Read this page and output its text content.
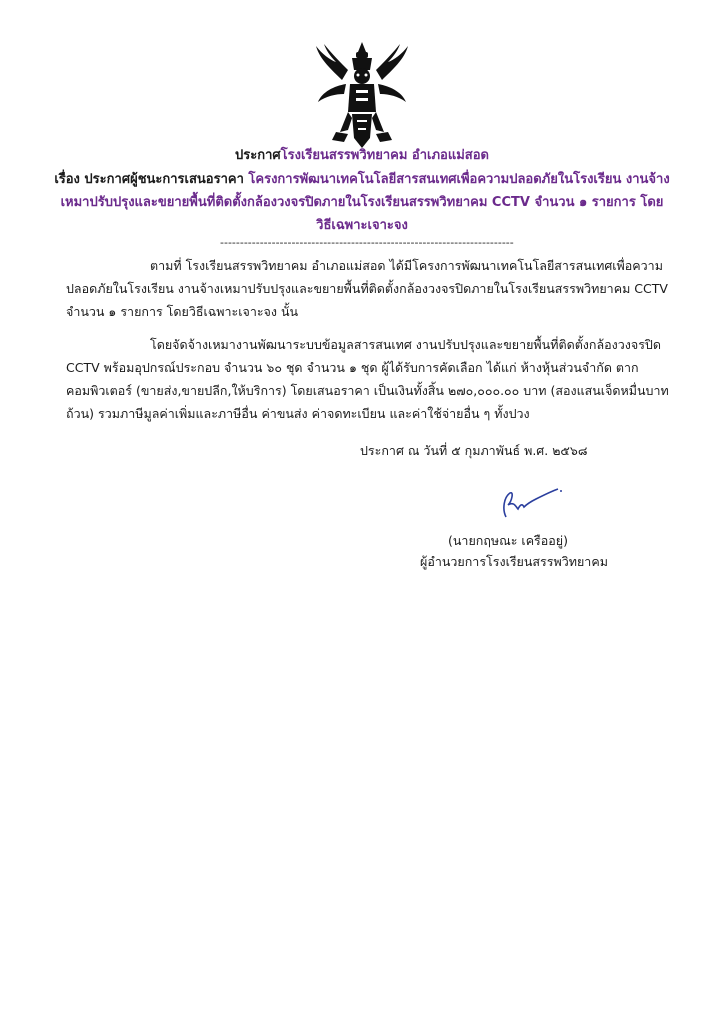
ประกาศโรงเรียนสรรพวิทยาคม อำเภอแม่สอด
เรื่อง ประกาศผู้ชนะการเสนอราคา โครงการพัฒนาเทคโนโลยีสารสนเทศเพื่อความปลอดภัยในโรงเรียน งานจ้าง
เหมาปรับปรุงและขยายพื้นที่ติดตั้งกล้องวงจรปิดภายในโรงเรียนสรรพวิทยาคม CCTV จำนวน ๑ รายการ โดย
วิธีเฉพาะเจาะจง
--------------------------------------------------------------------------
ตามที่ โรงเรียนสรรพวิทยาคม อำเภอแม่สอด ได้มีโครงการพัฒนาเทคโนโลยีสารสนเทศเพื่อความ
ปลอดภัยในโรงเรียน งานจ้างเหมาปรับปรุงและขยายพื้นที่ติดตั้งกล้องวงจรปิดภายในโรงเรียนสรรพวิทยาคม CCTV
จำนวน ๑ รายการ โดยวิธีเฉพาะเจาะจง นั้น
โดยจัดจ้างเหมางานพัฒนาระบบข้อมูลสารสนเทศ งานปรับปรุงและขยายพื้นที่ติดตั้งกล้องวงจรปิด
CCTV พร้อมอุปกรณ์ประกอบ จำนวน ๖๐ ชุด จำนวน ๑ ชุด ผู้ได้รับการคัดเลือก ได้แก่ ห้างหุ้นส่วนจำกัด ตาก
คอมพิวเตอร์ (ขายส่ง,ขายปลีก,ให้บริการ) โดยเสนอราคา เป็นเงินทั้งสิ้น ๒๗๐,๐๐๐.๐๐ บาท (สองแสนเจ็ดหมื่นบาท
ถ้วน) รวมภาษีมูลค่าเพิ่มและภาษีอื่น ค่าขนส่ง ค่าจดทะเบียน และค่าใช้จ่ายอื่น ๆ ทั้งปวง
ประกาศ ณ วันที่ ๕ กุมภาพันธ์ พ.ศ. ๒๕๖๘
(นายกฤษณะ เครืออยู่)
ผู้อำนวยการโรงเรียนสรรพวิทยาคม
